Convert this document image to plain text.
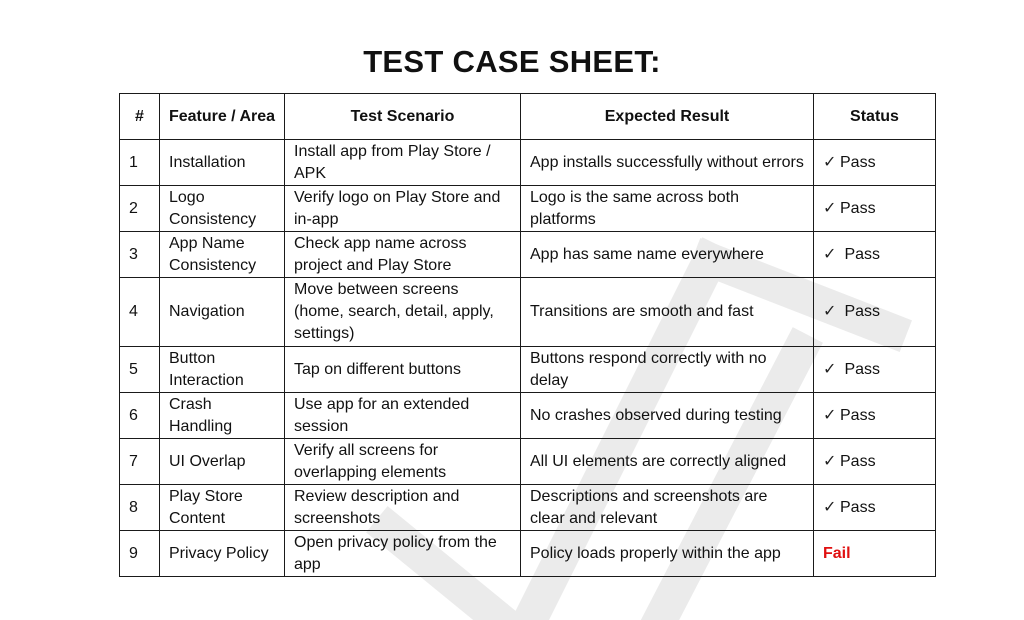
TEST CASE SHEET:
#	Feature / Area	Test Scenario	Expected Result	Status
1	Installation	Install app from Play Store / APK	App installs successfully without errors	✓ Pass
2	Logo Consistency	Verify logo on Play Store and in-app	Logo is the same across both platforms	✓ Pass
3	App Name Consistency	Check app name across project and Play Store	App has same name everywhere	✓ Pass
4	Navigation	Move between screens (home, search, detail, apply, settings)	Transitions are smooth and fast	✓ Pass
5	Button Interaction	Tap on different buttons	Buttons respond correctly with no delay	✓ Pass
6	Crash Handling	Use app for an extended session	No crashes observed during testing	✓ Pass
7	UI Overlap	Verify all screens for overlapping elements	All UI elements are correctly aligned	✓ Pass
8	Play Store Content	Review description and screenshots	Descriptions and screenshots are clear and relevant	✓ Pass
9	Privacy Policy	Open privacy policy from the app	Policy loads properly within the app	Fail
